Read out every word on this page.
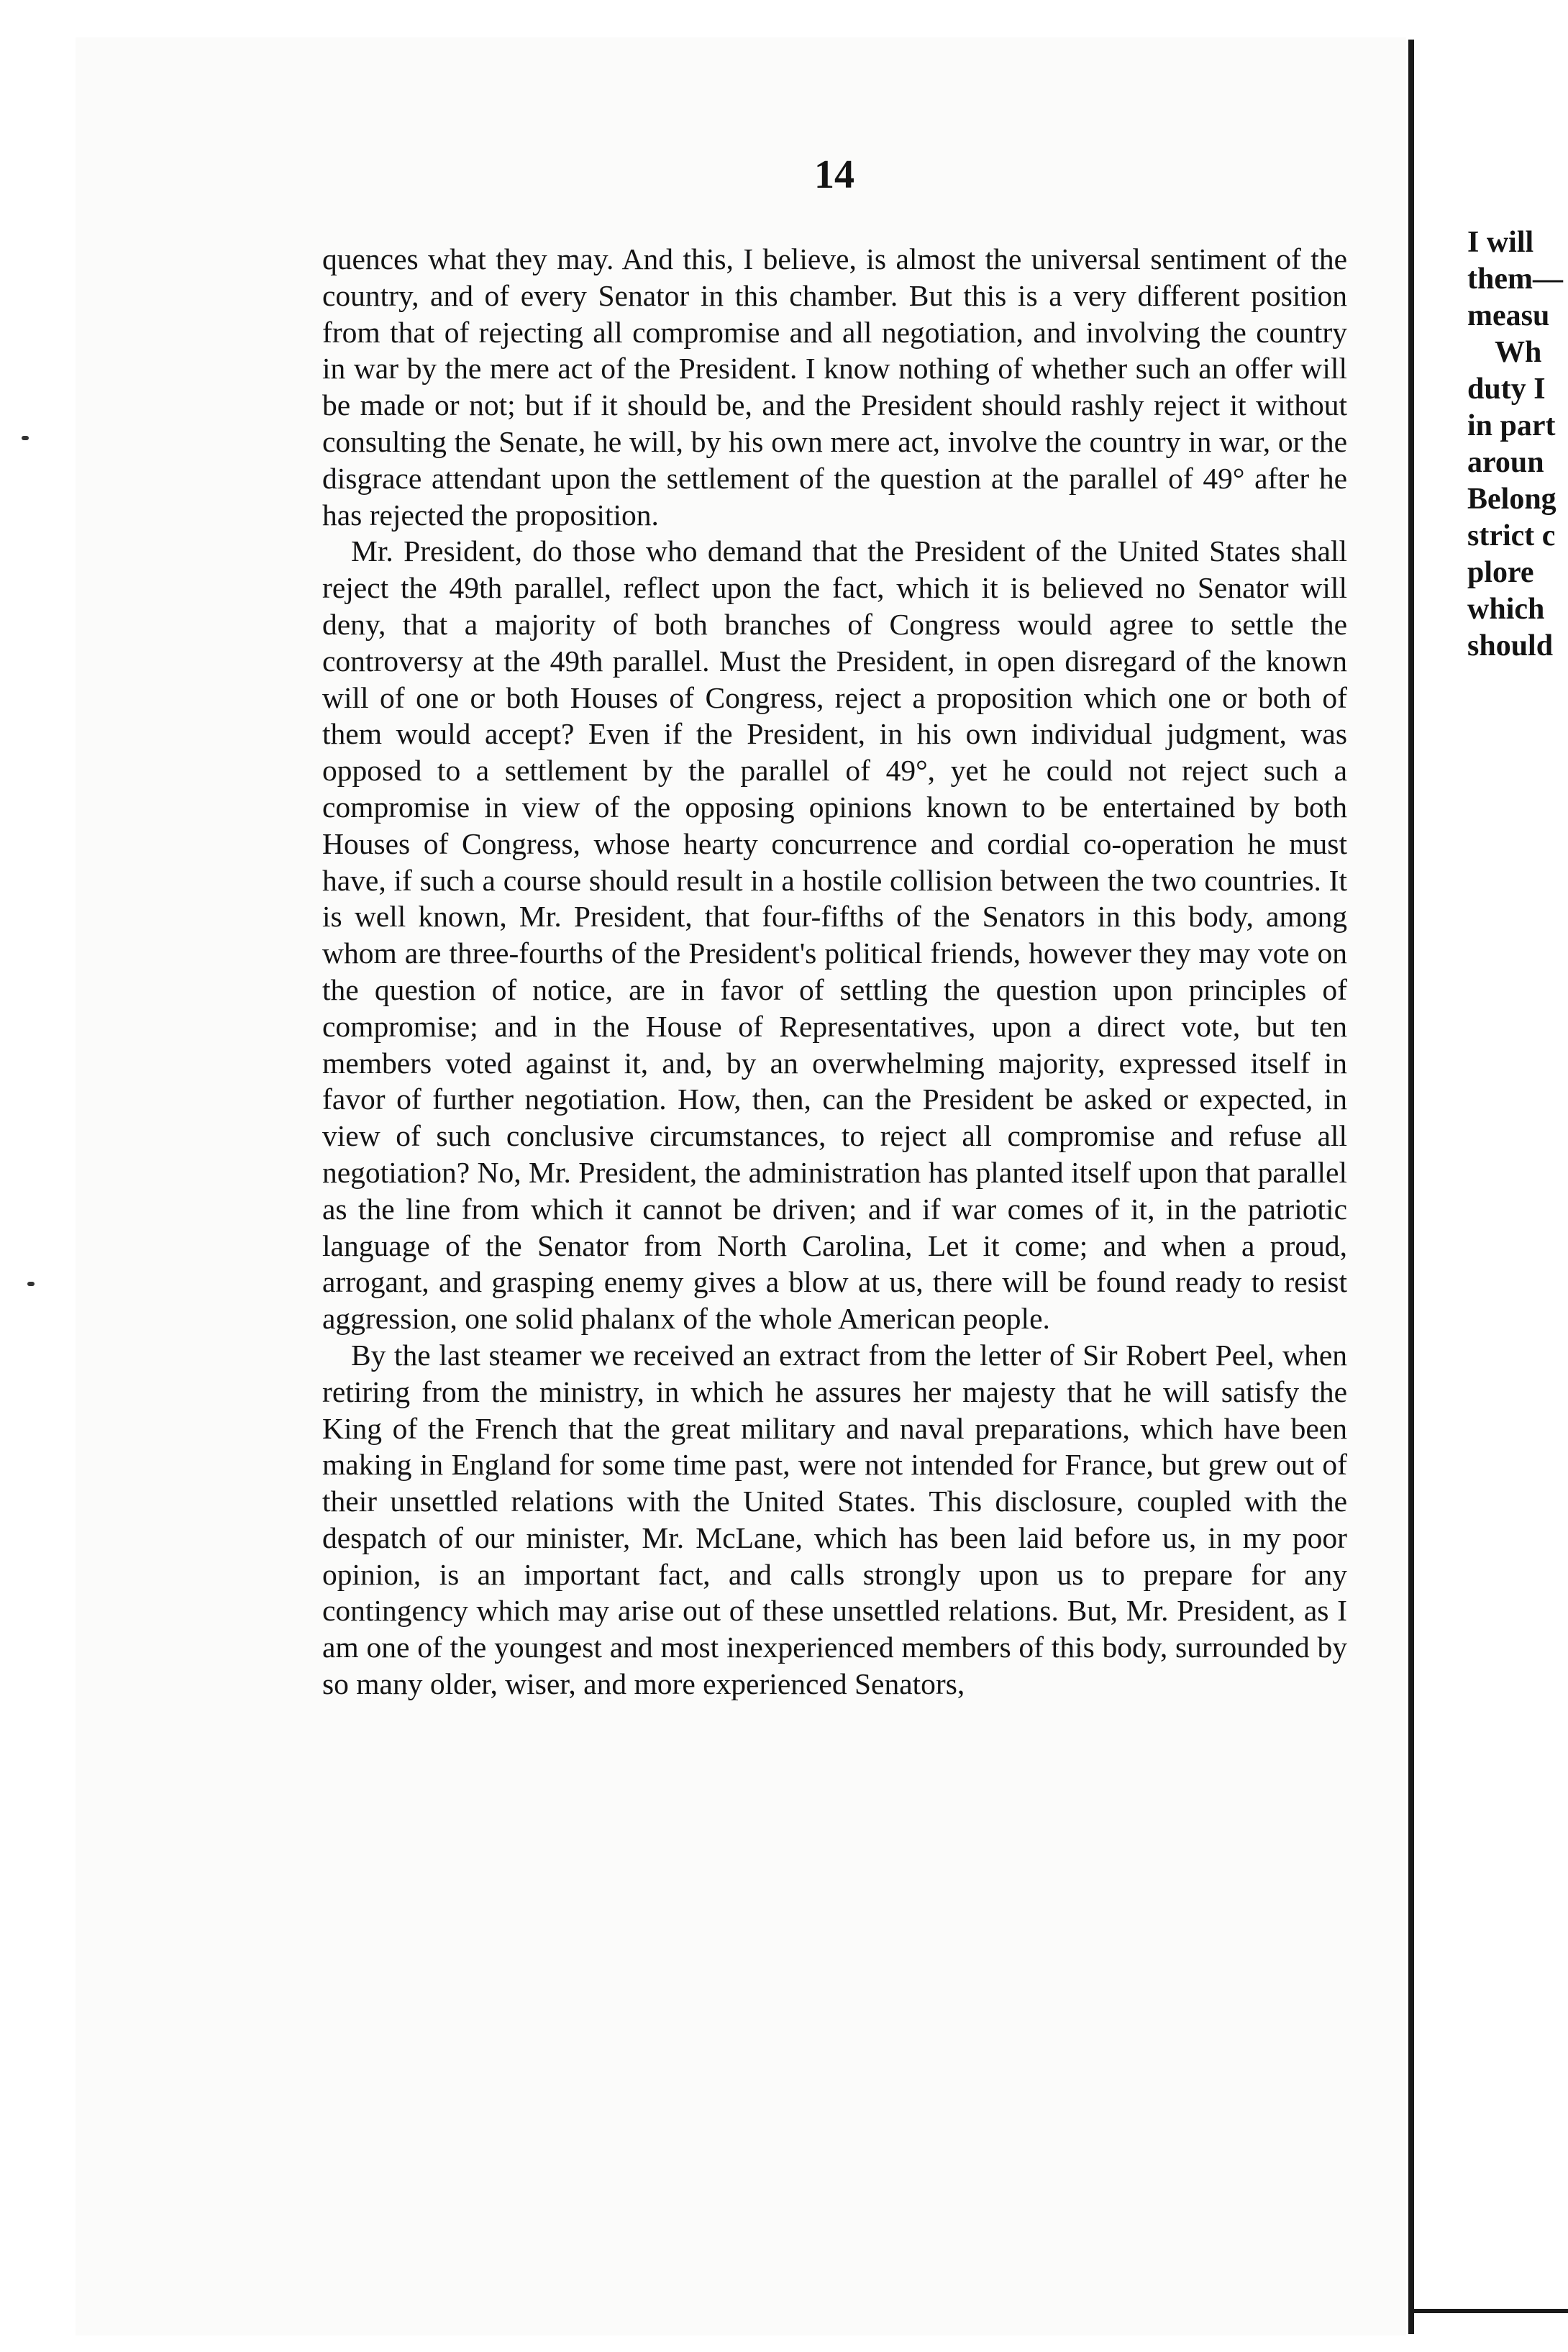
14

quences what they may. And this, I believe, is almost the universal sentiment of the country, and of every Senator in this chamber. But this is a very different position from that of rejecting all compromise and all negotiation, and involving the country in war by the mere act of the President. I know nothing of whether such an offer will be made or not; but if it should be, and the President should rashly reject it without consulting the Senate, he will, by his own mere act, involve the country in war, or the disgrace attendant upon the settlement of the question at the parallel of 49° after he has rejected the proposition.

Mr. President, do those who demand that the President of the United States shall reject the 49th parallel, reflect upon the fact, which it is believed no Senator will deny, that a majority of both branches of Congress would agree to settle the controversy at the 49th parallel. Must the President, in open disregard of the known will of one or both Houses of Congress, reject a proposition which one or both of them would accept? Even if the President, in his own individual judgment, was opposed to a settlement by the parallel of 49°, yet he could not reject such a compromise in view of the opposing opinions known to be entertained by both Houses of Congress, whose hearty concurrence and cordial co-operation he must have, if such a course should result in a hostile collision between the two countries. It is well known, Mr. President, that four-fifths of the Senators in this body, among whom are three-fourths of the President's political friends, however they may vote on the question of notice, are in favor of settling the question upon principles of compromise; and in the House of Representatives, upon a direct vote, but ten members voted against it, and, by an overwhelming majority, expressed itself in favor of further negotiation. How, then, can the President be asked or expected, in view of such conclusive circumstances, to reject all compromise and refuse all negotiation? No, Mr. President, the administration has planted itself upon that parallel as the line from which it cannot be driven; and if war comes of it, in the patriotic language of the Senator from North Carolina, Let it come; and when a proud, arrogant, and grasping enemy gives a blow at us, there will be found ready to resist aggression, one solid phalanx of the whole American people.

By the last steamer we received an extract from the letter of Sir Robert Peel, when retiring from the ministry, in which he assures her majesty that he will satisfy the King of the French that the great military and naval preparations, which have been making in England for some time past, were not intended for France, but grew out of their unsettled relations with the United States. This disclosure, coupled with the despatch of our minister, Mr. McLane, which has been laid before us, in my poor opinion, is an important fact, and calls strongly upon us to prepare for any contingency which may arise out of these unsettled relations. But, Mr. President, as I am one of the youngest and most inexperienced members of this body, surrounded by so many older, wiser, and more experienced Senators,

I will
them—
measu
Wh
duty I
in part
aroun
Belong
strict c
plore
which
should
